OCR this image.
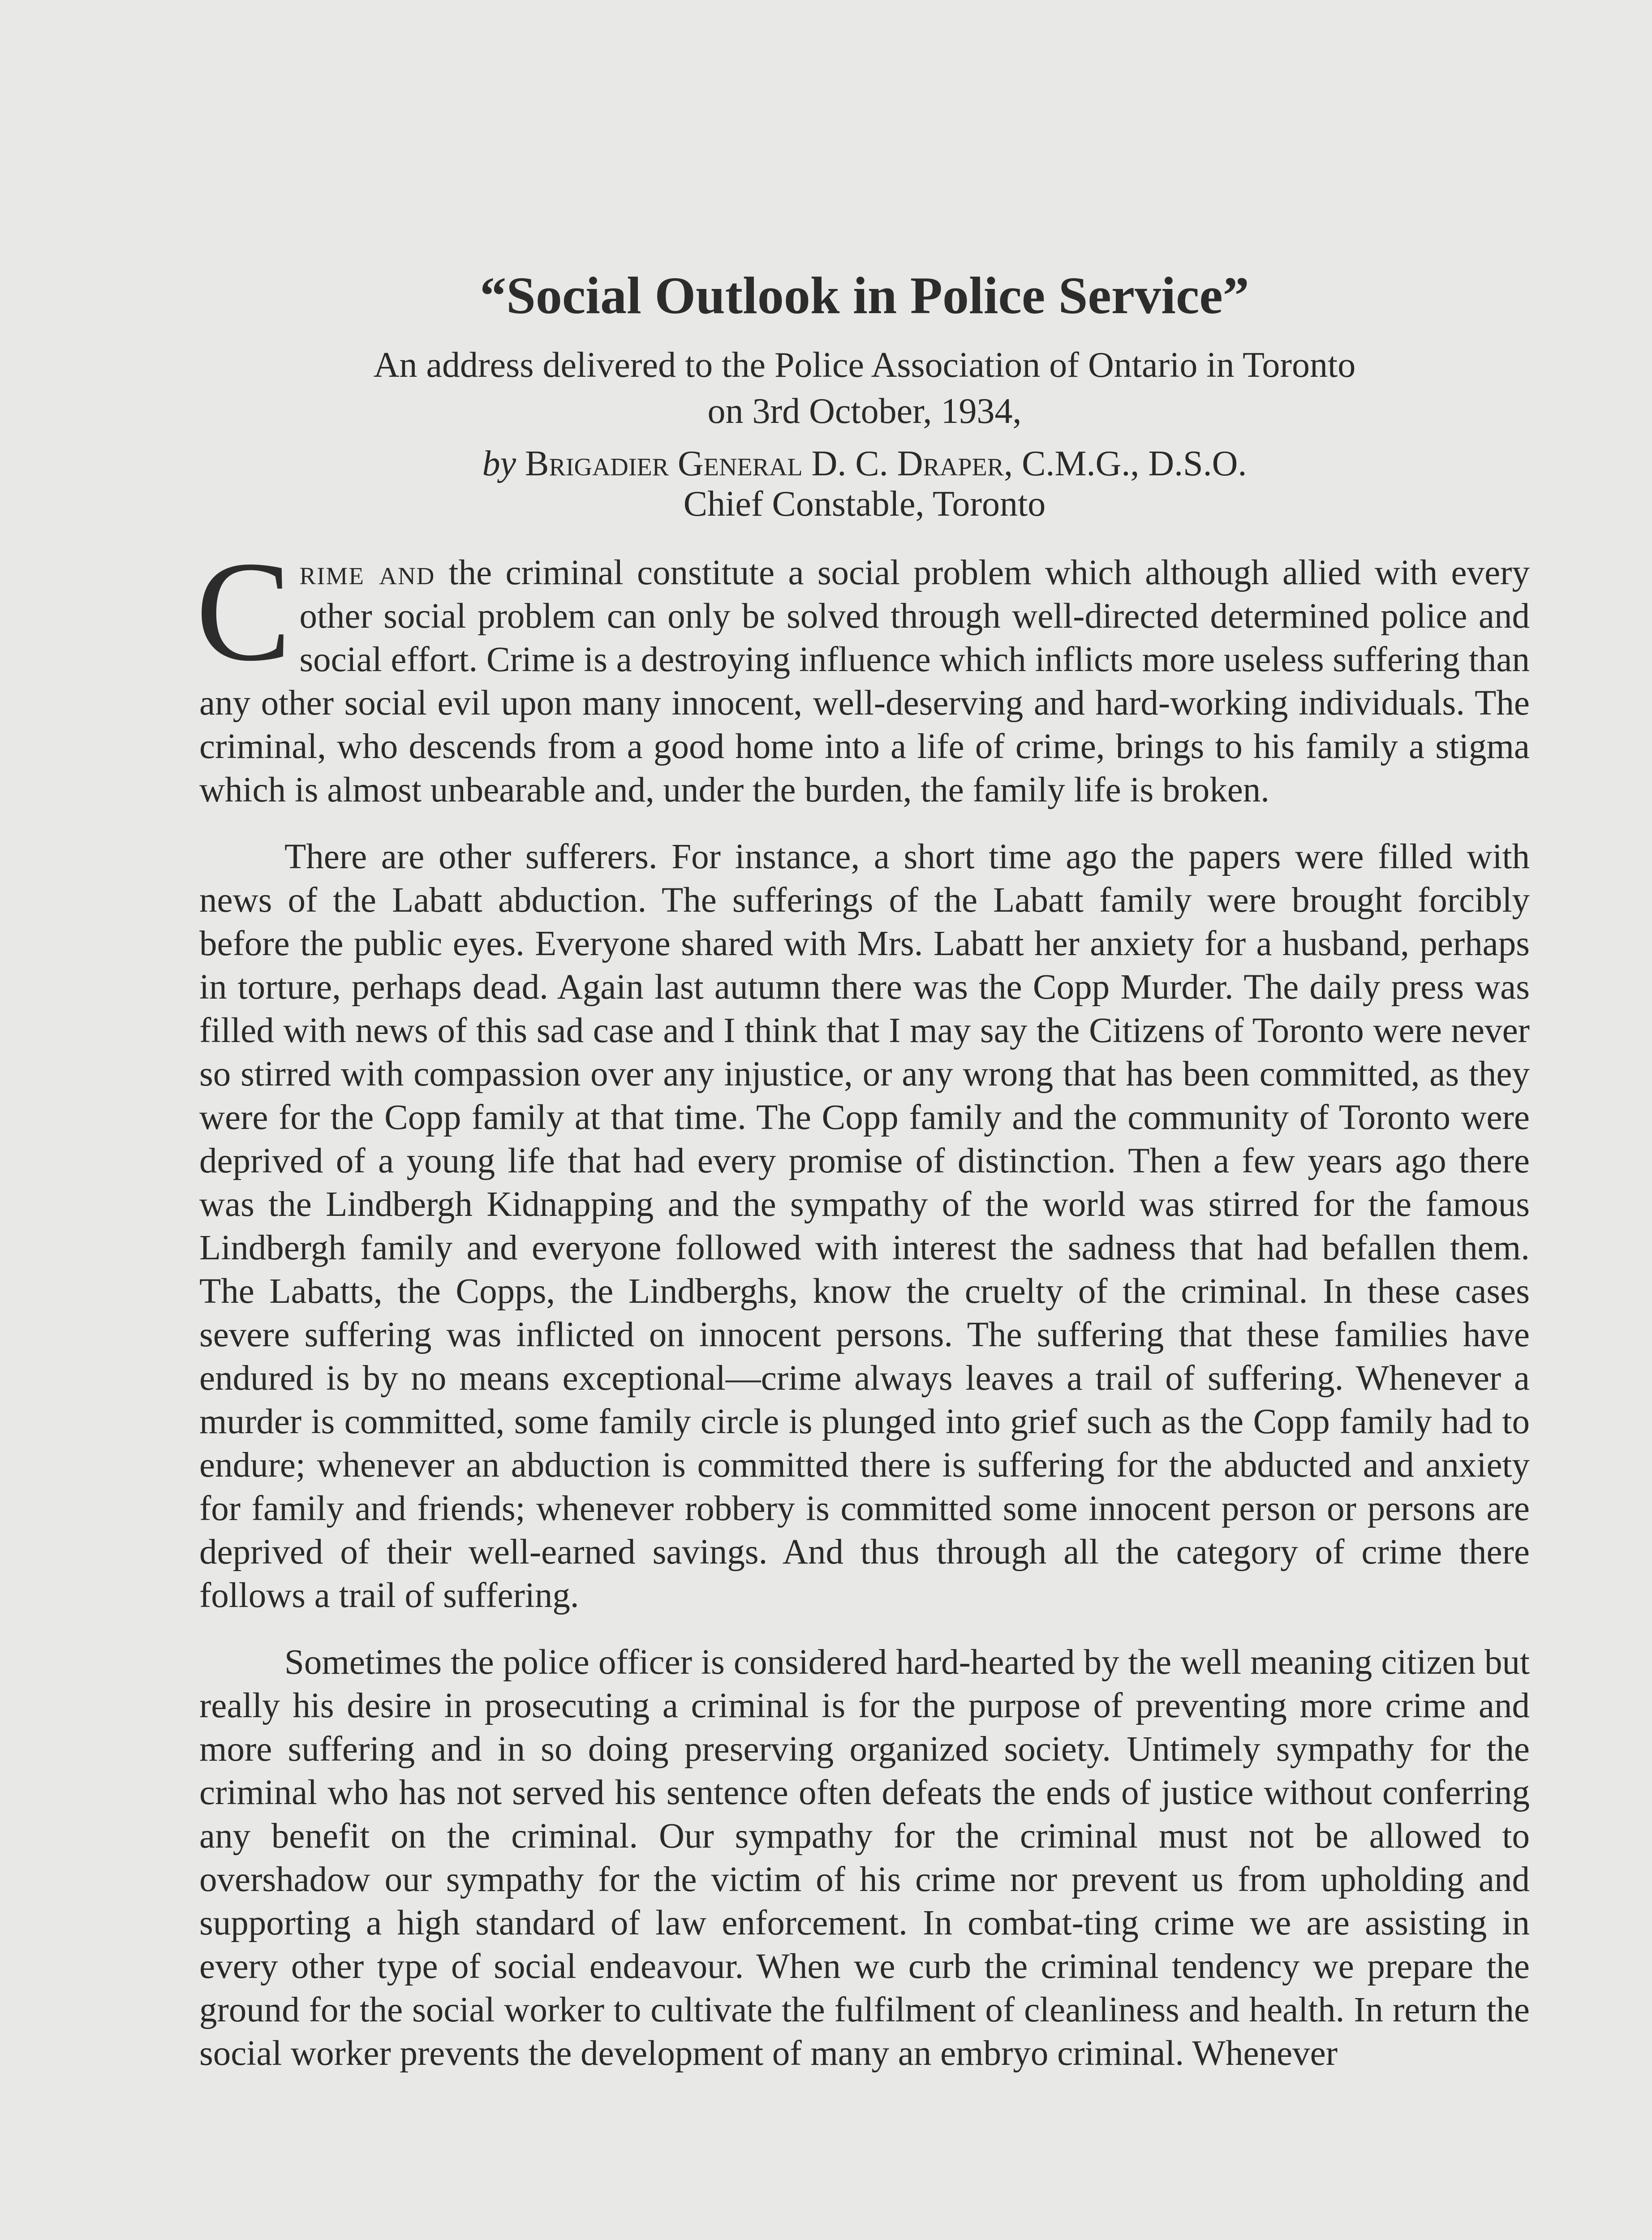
“Social Outlook in Police Service”
An address delivered to the Police Association of Ontario in Toronto
on 3rd October, 1934,
by Brigadier General D. C. Draper, C.M.G., D.S.O.
Chief Constable, Toronto

Crime and the criminal constitute a social problem which although allied with every other social problem can only be solved through well-directed determined police and social effort. Crime is a destroying influence which inflicts more useless suffering than any other social evil upon many innocent, well-deserving and hard-working individuals. The criminal, who descends from a good home into a life of crime, brings to his family a stigma which is almost unbearable and, under the burden, the family life is broken.

There are other sufferers. For instance, a short time ago the papers were filled with news of the Labatt abduction. The sufferings of the Labatt family were brought forcibly before the public eyes. Everyone shared with Mrs. Labatt her anxiety for a husband, perhaps in torture, perhaps dead. Again last autumn there was the Copp Murder. The daily press was filled with news of this sad case and I think that I may say the Citizens of Toronto were never so stirred with compassion over any injustice, or any wrong that has been committed, as they were for the Copp family at that time. The Copp family and the community of Toronto were deprived of a young life that had every promise of distinction. Then a few years ago there was the Lindbergh Kidnapping and the sympathy of the world was stirred for the famous Lindbergh family and everyone followed with interest the sadness that had befallen them. The Labatts, the Copps, the Lindberghs, know the cruelty of the criminal. In these cases severe suffering was inflicted on innocent persons. The suffering that these families have endured is by no means exceptional—crime always leaves a trail of suffering. Whenever a murder is committed, some family circle is plunged into grief such as the Copp family had to endure; whenever an abduction is committed there is suffering for the abducted and anxiety for family and friends; whenever robbery is committed some innocent person or persons are deprived of their well-earned savings. And thus through all the category of crime there follows a trail of suffering.

Sometimes the police officer is considered hard-hearted by the well meaning citizen but really his desire in prosecuting a criminal is for the purpose of preventing more crime and more suffering and in so doing preserving organized society. Untimely sympathy for the criminal who has not served his sentence often defeats the ends of justice without conferring any benefit on the criminal. Our sympathy for the criminal must not be allowed to overshadow our sympathy for the victim of his crime nor prevent us from upholding and supporting a high standard of law enforcement. In combat-ting crime we are assisting in every other type of social endeavour. When we curb the criminal tendency we prepare the ground for the social worker to cultivate the fulfilment of cleanliness and health. In return the social worker prevents the development of many an embryo criminal. Whenever
